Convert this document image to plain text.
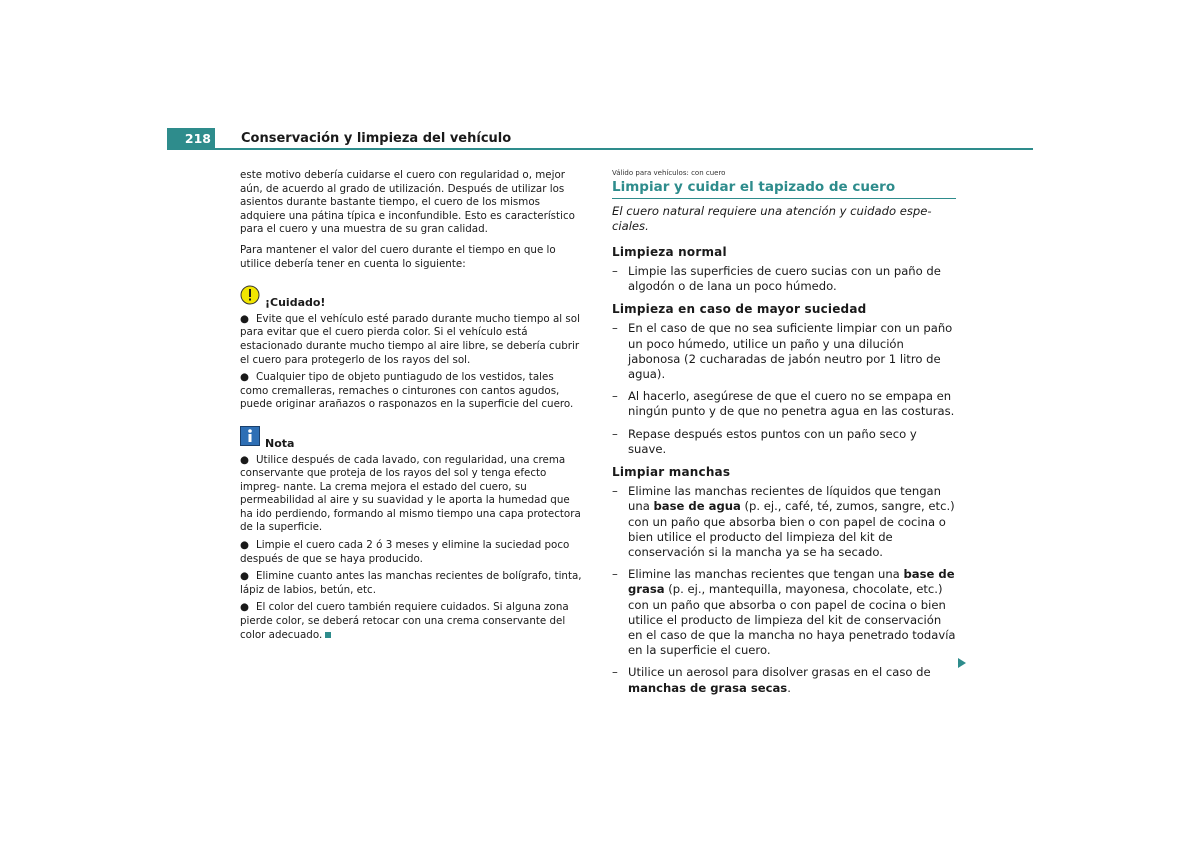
218	Conservación y limpieza del vehículo

este motivo debería cuidarse el cuero con regularidad o, mejor aún, de acuerdo al grado de utilización. Después de utilizar los asientos durante bastante tiempo, el cuero de los mismos adquiere una pátina típica e inconfundible. Esto es característico para el cuero y una muestra de su gran calidad.

Para mantener el valor del cuero durante el tiempo en que lo utilice debería tener en cuenta lo siguiente:

¡Cuidado!
● Evite que el vehículo esté parado durante mucho tiempo al sol para evitar que el cuero pierda color. Si el vehículo está estacionado durante mucho tiempo al aire libre, se debería cubrir el cuero para protegerlo de los rayos del sol.
● Cualquier tipo de objeto puntiagudo de los vestidos, tales como cremalleras, remaches o cinturones con cantos agudos, puede originar arañazos o rasponazos en la superficie del cuero.
Nota
● Utilice después de cada lavado, con regularidad, una crema conservante que proteja de los rayos del sol y tenga efecto impreg- nante. La crema mejora el estado del cuero, su permeabilidad al aire y su suavidad y le aporta la humedad que ha ido perdiendo, formando al mismo tiempo una capa protectora de la superficie.
● Limpie el cuero cada 2 ó 3 meses y elimine la suciedad poco después de que se haya producido.
● Elimine cuanto antes las manchas recientes de bolígrafo, tinta, lápiz de labios, betún, etc.
● El color del cuero también requiere cuidados. Si alguna zona pierde color, se deberá retocar con una crema conservante del color adecuado.
Válido para vehículos: con cuero
Limpiar y cuidar el tapizado de cuero
El cuero natural requiere una atención y cuidado espe- ciales.
Limpieza normal
– Limpie las superficies de cuero sucias con un paño de algodón o de lana un poco húmedo.
Limpieza en caso de mayor suciedad
– En el caso de que no sea suficiente limpiar con un paño un poco húmedo, utilice un paño y una dilución jabonosa (2 cucharadas de jabón neutro por 1 litro de agua).
– Al hacerlo, asegúrese de que el cuero no se empapa en ningún punto y de que no penetra agua en las costuras.
– Repase después estos puntos con un paño seco y suave.
Limpiar manchas
– Elimine las manchas recientes de líquidos que tengan una base de agua (p. ej., café, té, zumos, sangre, etc.) con un paño que absorba bien o con papel de cocina o bien utilice el producto del limpieza del kit de conservación si la mancha ya se ha secado.
– Elimine las manchas recientes que tengan una base de grasa (p. ej., mantequilla, mayonesa, chocolate, etc.) con un paño que absorba o con papel de cocina o bien utilice el producto de limpieza del kit de conservación en el caso de que la mancha no haya penetrado todavía en la superficie el cuero.
– Utilice un aerosol para disolver grasas en el caso de manchas de grasa secas.
